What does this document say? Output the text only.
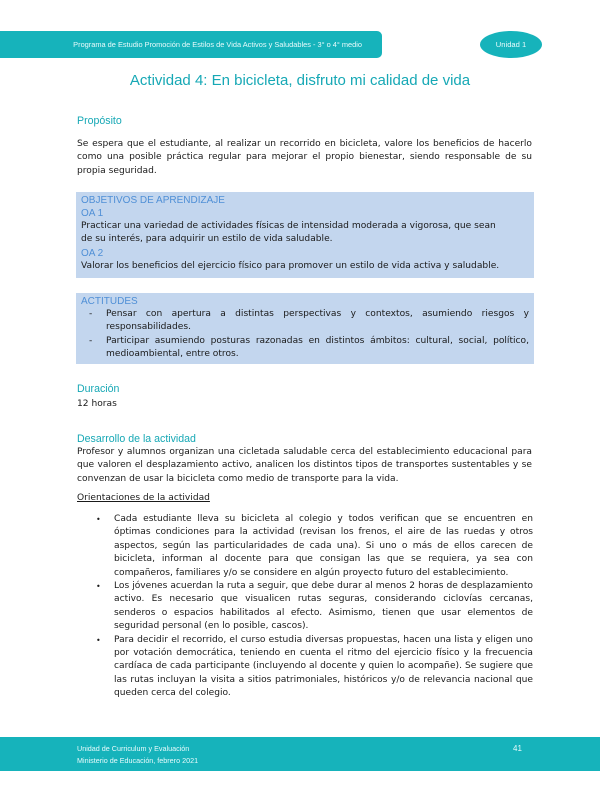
Programa de Estudio Promoción de Estilos de Vida Activos y Saludables - 3° o 4° medio	Unidad 1
Actividad 4: En bicicleta, disfruto mi calidad de vida
Propósito
Se espera que el estudiante, al realizar un recorrido en bicicleta, valore los beneficios de hacerlo como una posible práctica regular para mejorar el propio bienestar, siendo responsable de su propia seguridad.
OBJETIVOS DE APRENDIZAJE
OA 1
Practicar una variedad de actividades físicas de intensidad moderada a vigorosa, que sean de su interés, para adquirir un estilo de vida saludable.
OA 2
Valorar los beneficios del ejercicio físico para promover un estilo de vida activa y saludable.
ACTITUDES
- Pensar con apertura a distintas perspectivas y contextos, asumiendo riesgos y responsabilidades.
- Participar asumiendo posturas razonadas en distintos ámbitos: cultural, social, político, medioambiental, entre otros.
Duración
12 horas
Desarrollo de la actividad
Profesor y alumnos organizan una cicletada saludable cerca del establecimiento educacional para que valoren el desplazamiento activo, analicen los distintos tipos de transportes sustentables y se convenzan de usar la bicicleta como medio de transporte para la vida.
Orientaciones de la actividad
• Cada estudiante lleva su bicicleta al colegio y todos verifican que se encuentren en óptimas condiciones para la actividad (revisan los frenos, el aire de las ruedas y otros aspectos, según las particularidades de cada una). Si uno o más de ellos carecen de bicicleta, informan al docente para que consigan las que se requiera, ya sea con compañeros, familiares y/o se considere en algún proyecto futuro del establecimiento.
• Los jóvenes acuerdan la ruta a seguir, que debe durar al menos 2 horas de desplazamiento activo. Es necesario que visualicen rutas seguras, considerando ciclovías cercanas, senderos o espacios habilitados al efecto. Asimismo, tienen que usar elementos de seguridad personal (en lo posible, cascos).
• Para decidir el recorrido, el curso estudia diversas propuestas, hacen una lista y eligen uno por votación democrática, teniendo en cuenta el ritmo del ejercicio físico y la frecuencia cardíaca de cada participante (incluyendo al docente y quien lo acompañe). Se sugiere que las rutas incluyan la visita a sitios patrimoniales, históricos y/o de relevancia nacional que queden cerca del colegio.
Unidad de Curriculum y Evaluación
Ministerio de Educación, febrero 2021
41
